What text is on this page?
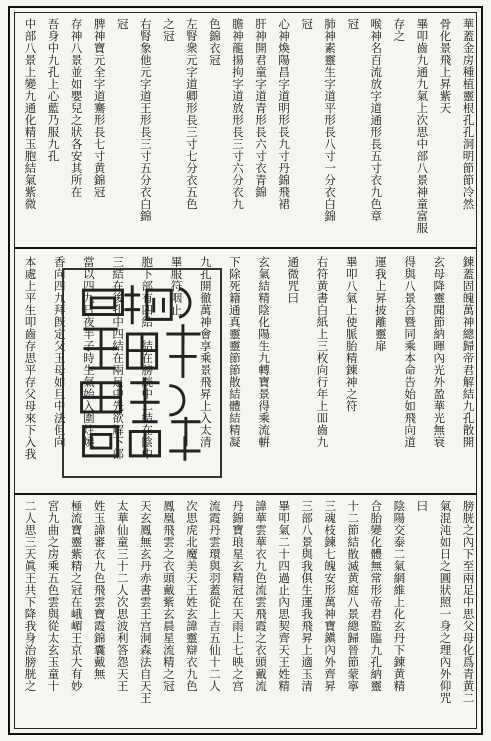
華蓋金房種植靈根孔孔洞明節節冷然
骨化景飛上昇紫天
畢叩齒九通九氣上次思中部八景神童富服
存之
喉神名百流放字道通形長五寸衣九色章
冠
肺神素靈生字道平形長八寸一分衣白錦
冠
心神煥陽昌字道明形長九寸丹錦飛裙
肝神開君童字道青形長六寸衣青錦
膽神龍揚拘字道放形長三寸六分衣九
色錦衣冠
左腎衆元字道卿形長三寸七分衣五色
之冠
右腎象他元字道王形長三寸五分衣白錦
冠
脾神寶元全字道騫形長七寸黄錦冠
存神八景並如嬰兒之狀各安其所在
吾身中九孔上心藍乃服九孔
中部八景上變九通化精玉胞結氣紫微
錬蓋固魄萬神總歸帝君解結九孔散開
玄母降靈聞節納暉內光外盈華光無衰
得與八景合暨同乘本命告始如飛向道
運我上昇披離靈扉
畢叩八氣上使脈胎精錬神之符
右符黄書白紙上三枚向行年上吅齒九
通微咒曰
玄氣結精陰化陽生九轉寶景得乘流輧
下除死籍通真靈靈節節散結體結精凝
九孔開徹萬神會享乘景飛昇上入太清
畢服符咽止
胞下部有四結一結在膀胱中二結在陰中
三結在後孔中四結在兩足中先欲解下部
當以四九日夜半子時生氣始入圍炷燒
香向四九拜旣定父玉母如旦中法但向
本處上平生叩齒存思平存父母來下入我
膀胱之內下至兩足中思父母化爲青黄二
氣混沌如日之圓狀照一身之理內外仰咒
曰
陰陽交泰二氣網維上化玄丹下錬黄精
合胎變化體無常形帝君監臨九孔納靈
十二節結散滅黄庭八景總歸晉節蒙寧
三魂枝鍊七魄安形萬神寶鎭內外齊昇
三部八景與我俱生運我飛昇上適玉清
畢叩氣二十四過止內思契齊天王姓精
諱華雲華衣九色流雲飛霞之衣頭戴流
丹錦寶琅星玄精冠在天雨上七映之宫
流霞丹雲環與羽蓋從上吉五仙十二人
次思虎北魔美天王姓玄諱靈辯衣九色
鳳凰飛雲之衣頭戴紫玄晨星流精之冠
天玄鳳無玄丹赤書雲王宫洞森法自天王
太華仙童三十二人次思波利答怨天王
姓玉諱審衣九色飛雲寶霞錦囊戴無
極流寶靈紫精之冠在峨嵋王京大有妙
宮九曲之房乘五色雲與從太玄玉童十
二人思三天眞王共下降我身治膀胱之
